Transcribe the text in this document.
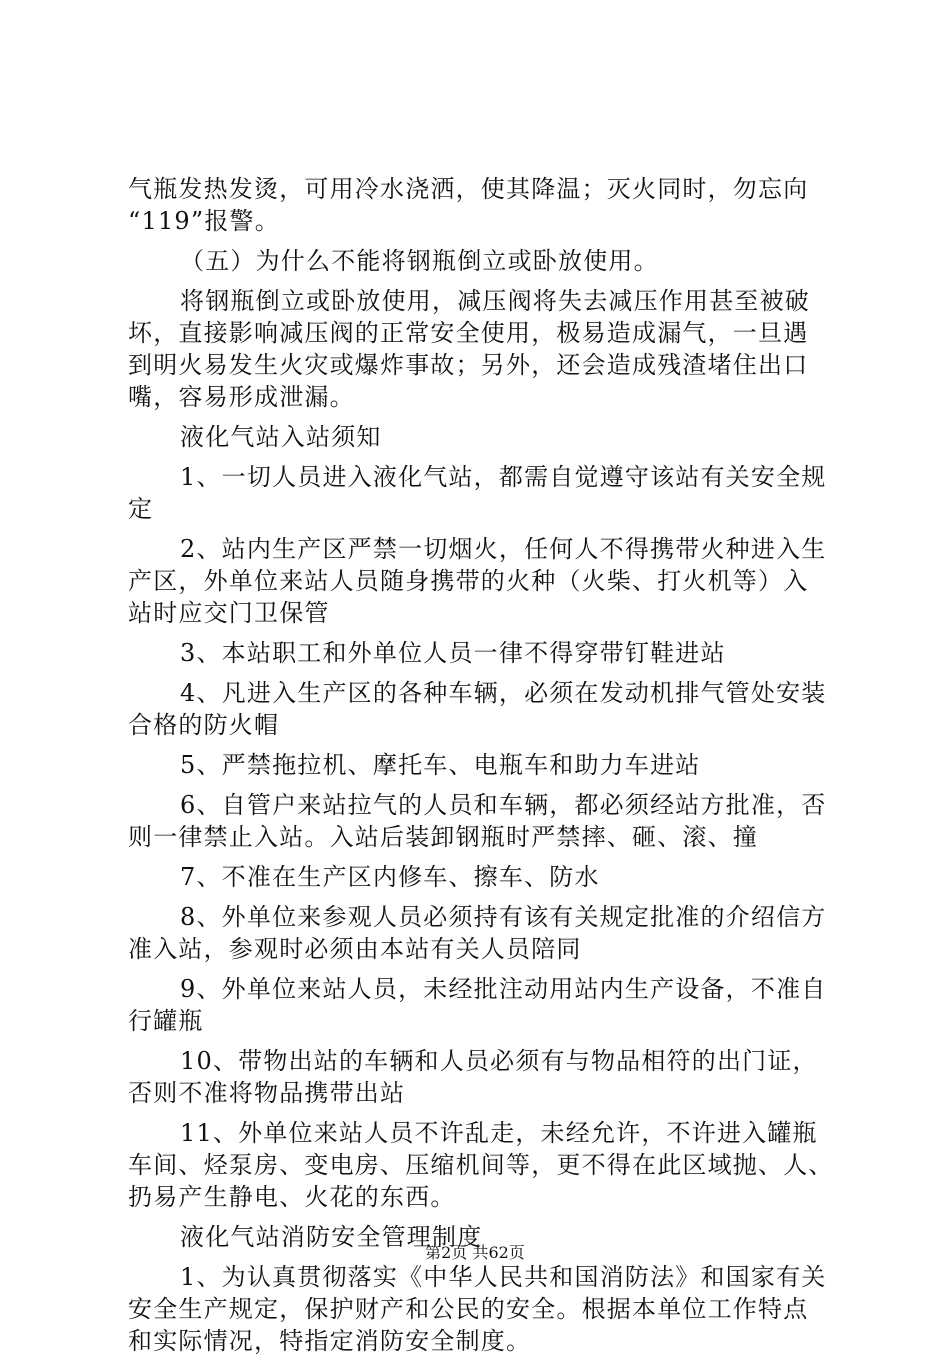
气瓶发热发烫，可用冷水浇洒，使其降温；灭火同时，勿忘向
“119”报警。
（五）为什么不能将钢瓶倒立或卧放使用。
将钢瓶倒立或卧放使用，减压阀将失去减压作用甚至被破
坏，直接影响减压阀的正常安全使用，极易造成漏气，一旦遇
到明火易发生火灾或爆炸事故；另外，还会造成残渣堵住出口
嘴，容易形成泄漏。
液化气站入站须知
1、一切人员进入液化气站，都需自觉遵守该站有关安全规
定
2、站内生产区严禁一切烟火，任何人不得携带火种进入生
产区，外单位来站人员随身携带的火种（火柴、打火机等）入
站时应交门卫保管
3、本站职工和外单位人员一律不得穿带钉鞋进站
4、凡进入生产区的各种车辆，必须在发动机排气管处安装
合格的防火帽
5、严禁拖拉机、摩托车、电瓶车和助力车进站
6、自管户来站拉气的人员和车辆，都必须经站方批准，否
则一律禁止入站。入站后装卸钢瓶时严禁摔、砸、滚、撞
7、不准在生产区内修车、擦车、防水
8、外单位来参观人员必须持有该有关规定批准的介绍信方
准入站，参观时必须由本站有关人员陪同
9、外单位来站人员，未经批注动用站内生产设备，不准自
行罐瓶
10、带物出站的车辆和人员必须有与物品相符的出门证，
否则不准将物品携带出站
11、外单位来站人员不许乱走，未经允许，不许进入罐瓶
车间、烃泵房、变电房、压缩机间等，更不得在此区域抛、人、
扔易产生静电、火花的东西。
液化气站消防安全管理制度
1、为认真贯彻落实《中华人民共和国消防法》和国家有关
安全生产规定，保护财产和公民的安全。根据本单位工作特点
和实际情况，特指定消防安全制度。
第2页 共62页
